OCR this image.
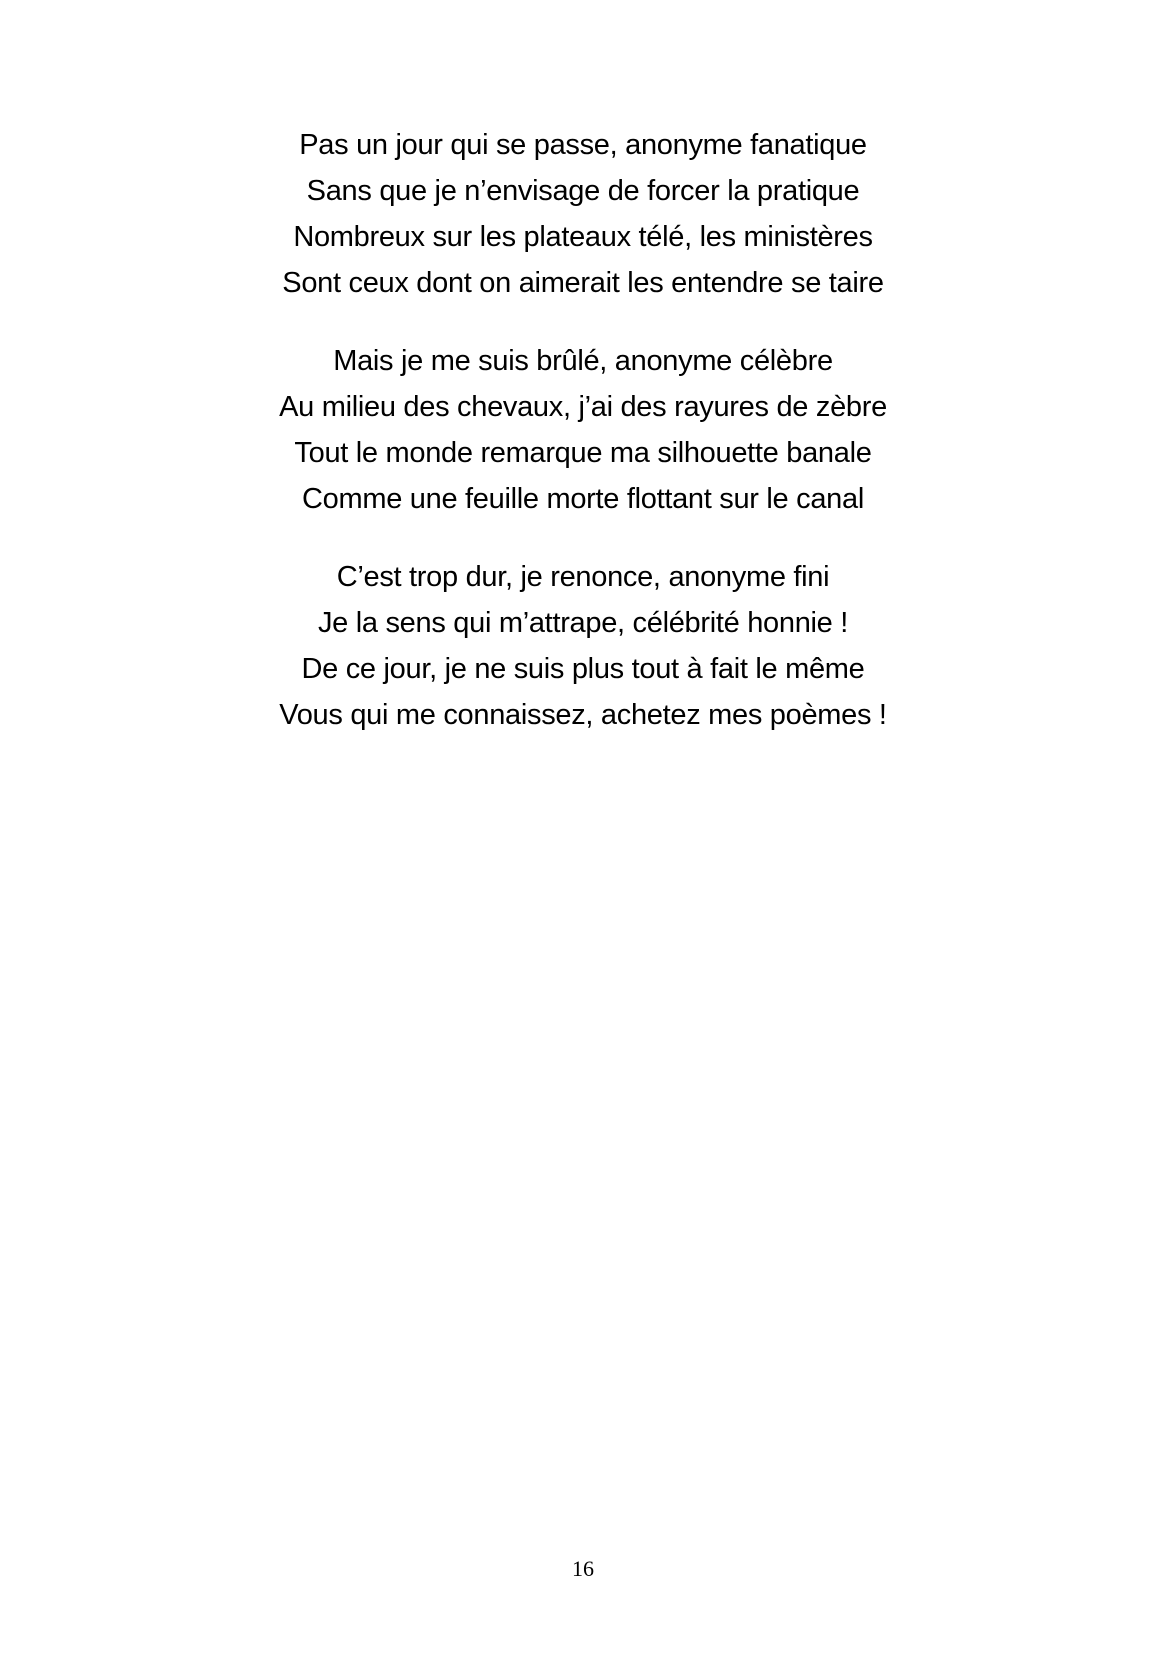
Pas un jour qui se passe, anonyme fanatique
Sans que je n’envisage de forcer la pratique
Nombreux sur les plateaux télé, les ministères
Sont ceux dont on aimerait les entendre se taire
Mais je me suis brûlé, anonyme célèbre
Au milieu des chevaux, j’ai des rayures de zèbre
Tout le monde remarque ma silhouette banale
Comme une feuille morte flottant sur le canal
C’est trop dur, je renonce, anonyme fini
Je la sens qui m’attrape, célébrité honnie !
De ce jour, je ne suis plus tout à fait le même
Vous qui me connaissez, achetez mes poèmes !
16
